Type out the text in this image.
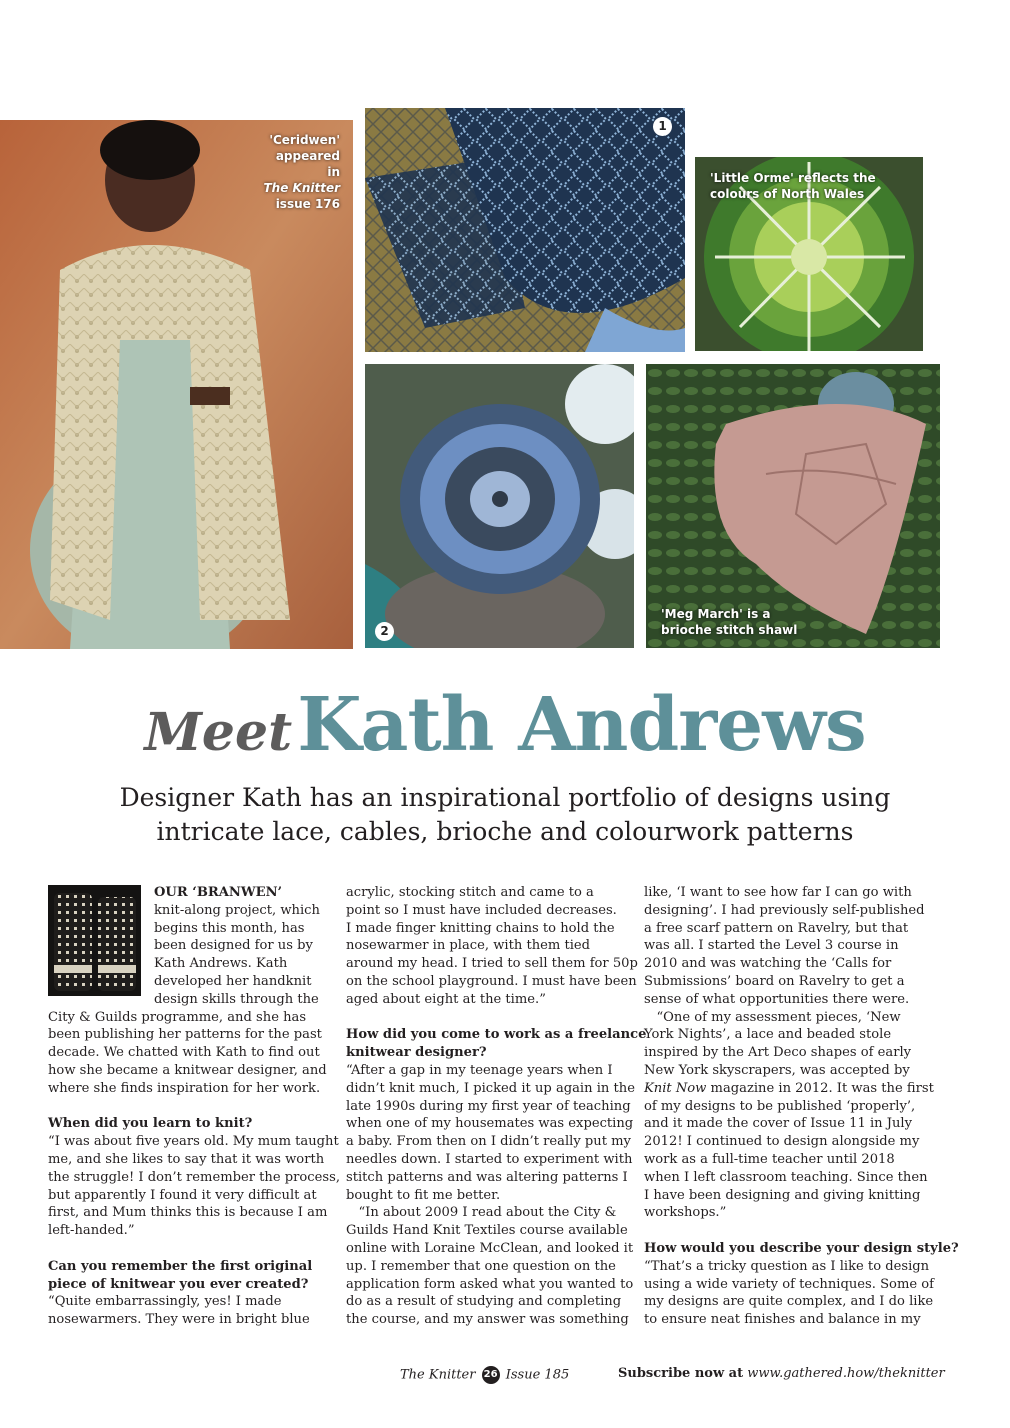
'Ceridwen'
appeared in
The Knitter
issue 176
1
'Little Orme' reflects the
colours of North Wales
2
'Meg March' is a
brioche stitch shawl
Meet Kath Andrews
Designer Kath has an inspirational portfolio of designs using
intricate lace, cables, brioche and colourwork patterns
OUR ‘BRANWEN’
knit-along project, which
begins this month, has
been designed for us by
Kath Andrews. Kath
developed her handknit
design skills through the
City & Guilds programme, and she has
been publishing her patterns for the past
decade. We chatted with Kath to find out
how she became a knitwear designer, and
where she finds inspiration for her work.
When did you learn to knit?
“I was about five years old. My mum taught
me, and she likes to say that it was worth
the struggle! I don’t remember the process,
but apparently I found it very difficult at
first, and Mum thinks this is because I am
left-handed.”
Can you remember the first original
piece of knitwear you ever created?
“Quite embarrassingly, yes! I made
nosewarmers. They were in bright blue
acrylic, stocking stitch and came to a
point so I must have included decreases.
I made finger knitting chains to hold the
nosewarmer in place, with them tied
around my head. I tried to sell them for 50p
on the school playground. I must have been
aged about eight at the time.”
How did you come to work as a freelance
knitwear designer?
“After a gap in my teenage years when I
didn’t knit much, I picked it up again in the
late 1990s during my first year of teaching
when one of my housemates was expecting
a baby. From then on I didn’t really put my
needles down. I started to experiment with
stitch patterns and was altering patterns I
bought to fit me better.
“In about 2009 I read about the City &
Guilds Hand Knit Textiles course available
online with Loraine McClean, and looked it
up. I remember that one question on the
application form asked what you wanted to
do as a result of studying and completing
the course, and my answer was something
like, ‘I want to see how far I can go with
designing’. I had previously self-published
a free scarf pattern on Ravelry, but that
was all. I started the Level 3 course in
2010 and was watching the ‘Calls for
Submissions’ board on Ravelry to get a
sense of what opportunities there were.
“One of my assessment pieces, ‘New
York Nights’, a lace and beaded stole
inspired by the Art Deco shapes of early
New York skyscrapers, was accepted by
Knit Now magazine in 2012. It was the first
of my designs to be published ‘properly’,
and it made the cover of Issue 11 in July
2012! I continued to design alongside my
work as a full-time teacher until 2018
when I left classroom teaching. Since then
I have been designing and giving knitting
workshops.”
How would you describe your design style?
“That’s a tricky question as I like to design
using a wide variety of techniques. Some of
my designs are quite complex, and I do like
to ensure neat finishes and balance in my
The Knitter 26 Issue 185	Subscribe now at www.gathered.how/theknitter
